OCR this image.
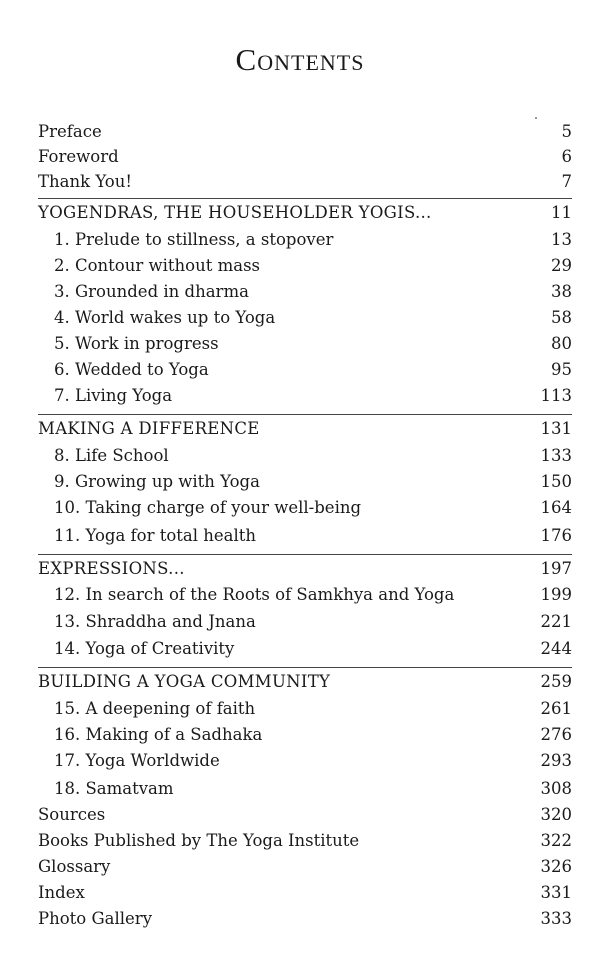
Contents
Preface	5
Foreword	6
Thank You!	7
YOGENDRAS, THE HOUSEHOLDER YOGIS...	11
1. Prelude to stillness, a stopover	13
2. Contour without mass	29
3. Grounded in dharma	38
4. World wakes up to Yoga	58
5. Work in progress	80
6. Wedded to Yoga	95
7. Living Yoga	113
MAKING A DIFFERENCE	131
8. Life School	133
9. Growing up with Yoga	150
10. Taking charge of your well-being	164
11. Yoga for total health	176
EXPRESSIONS...	197
12. In search of the Roots of Samkhya and Yoga	199
13. Shraddha and Jnana	221
14. Yoga of Creativity	244
BUILDING A YOGA COMMUNITY	259
15. A deepening of faith	261
16. Making of a Sadhaka	276
17. Yoga Worldwide	293
18. Samatvam	308
Sources	320
Books Published by The Yoga Institute	322
Glossary	326
Index	331
Photo Gallery	333
